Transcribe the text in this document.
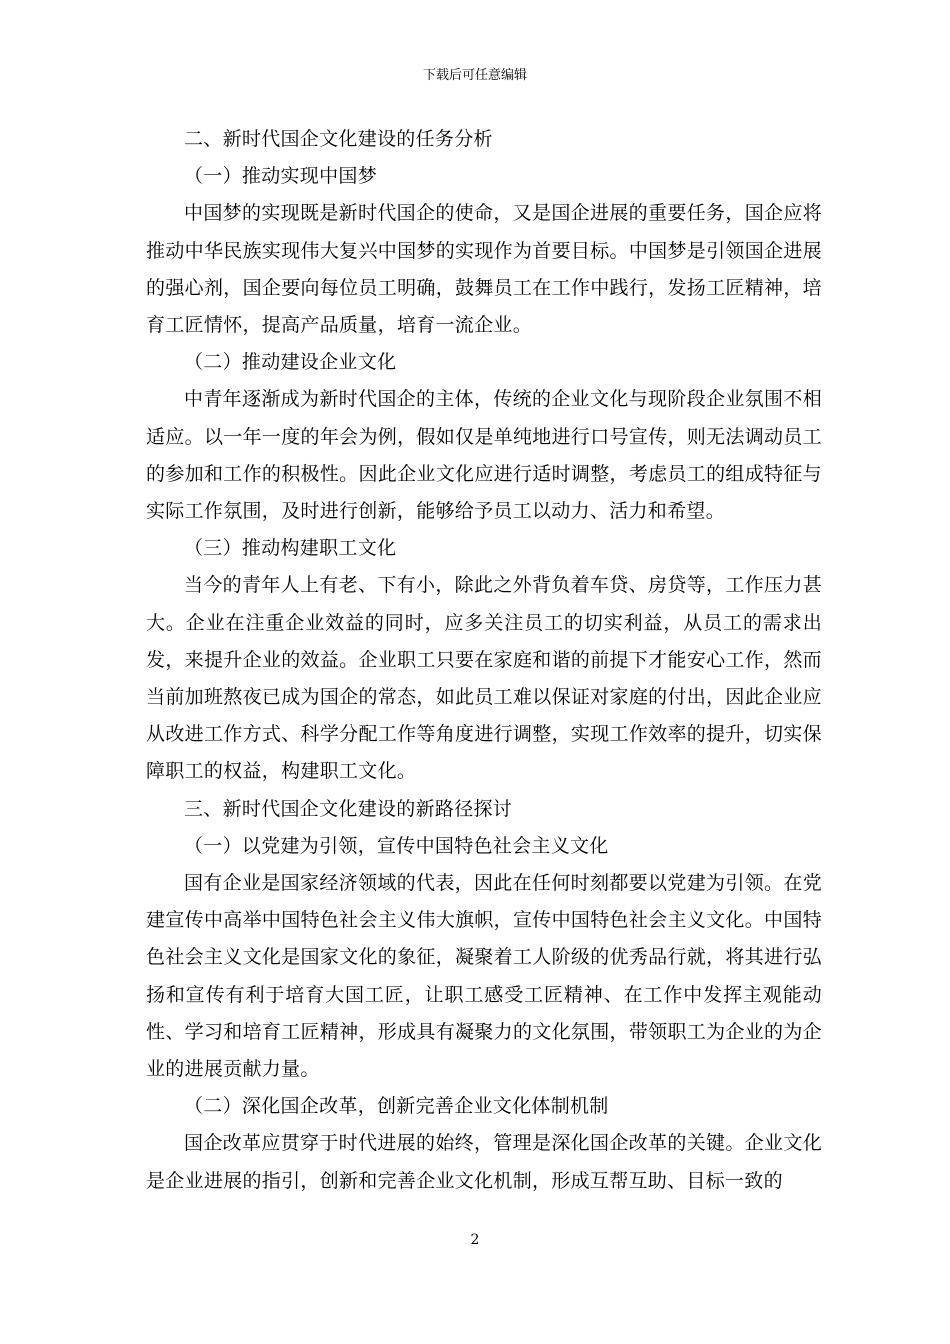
下载后可任意编辑

二、新时代国企文化建设的任务分析

（一）推动实现中国梦

中国梦的实现既是新时代国企的使命，又是国企进展的重要任务，国企应将推动中华民族实现伟大复兴中国梦的实现作为首要目标。中国梦是引领国企进展的强心剂，国企要向每位员工明确，鼓舞员工在工作中践行，发扬工匠精神，培育工匠情怀，提高产品质量，培育一流企业。

（二）推动建设企业文化

中青年逐渐成为新时代国企的主体，传统的企业文化与现阶段企业氛围不相适应。以一年一度的年会为例，假如仅是单纯地进行口号宣传，则无法调动员工的参加和工作的积极性。因此企业文化应进行适时调整，考虑员工的组成特征与实际工作氛围，及时进行创新，能够给予员工以动力、活力和希望。

（三）推动构建职工文化

当今的青年人上有老、下有小，除此之外背负着车贷、房贷等，工作压力甚大。企业在注重企业效益的同时，应多关注员工的切实利益，从员工的需求出发，来提升企业的效益。企业职工只要在家庭和谐的前提下才能安心工作，然而当前加班熬夜已成为国企的常态，如此员工难以保证对家庭的付出，因此企业应从改进工作方式、科学分配工作等角度进行调整，实现工作效率的提升，切实保障职工的权益，构建职工文化。

三、新时代国企文化建设的新路径探讨

（一）以党建为引领，宣传中国特色社会主义文化

国有企业是国家经济领域的代表，因此在任何时刻都要以党建为引领。在党建宣传中高举中国特色社会主义伟大旗帜，宣传中国特色社会主义文化。中国特色社会主义文化是国家文化的象征，凝聚着工人阶级的优秀品行就，将其进行弘扬和宣传有利于培育大国工匠，让职工感受工匠精神、在工作中发挥主观能动性、学习和培育工匠精神，形成具有凝聚力的文化氛围，带领职工为企业的为企业的进展贡献力量。

（二）深化国企改革，创新完善企业文化体制机制

国企改革应贯穿于时代进展的始终，管理是深化国企改革的关键。企业文化是企业进展的指引，创新和完善企业文化机制，形成互帮互助、目标一致的

2
